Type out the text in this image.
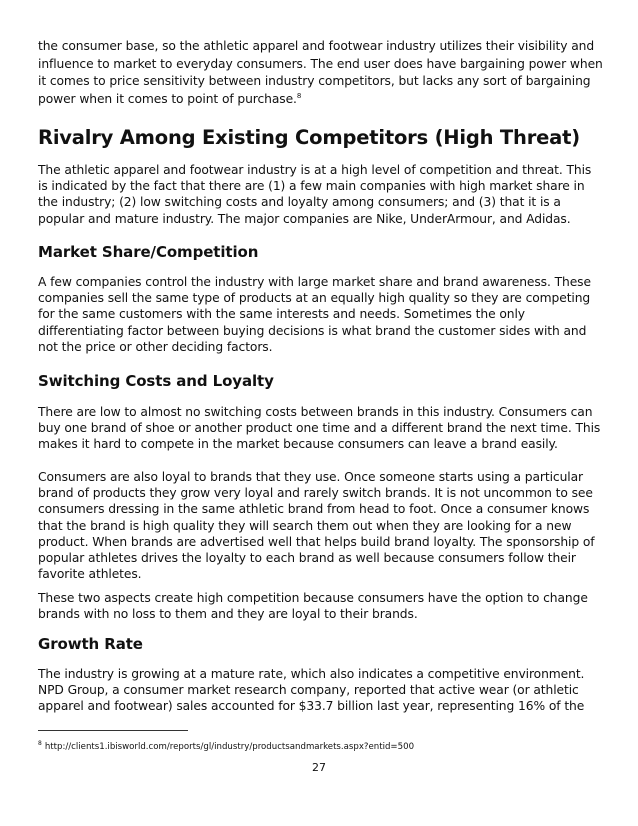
the consumer base, so the athletic apparel and footwear industry utilizes their visibility and influence to market to everyday consumers. The end user does have bargaining power when it comes to price sensitivity between industry competitors, but lacks any sort of bargaining power when it comes to point of purchase.$^8$

Rivalry Among Existing Competitors (High Threat)

The athletic apparel and footwear industry is at a high level of competition and threat. This is indicated by the fact that there are (1) a few main companies with high market share in the industry; (2) low switching costs and loyalty among consumers; and (3) that it is a popular and mature industry. The major companies are Nike, UnderArmour, and Adidas.

Market Share/Competition

A few companies control the industry with large market share and brand awareness. These companies sell the same type of products at an equally high quality so they are competing for the same customers with the same interests and needs. Sometimes the only differentiating factor between buying decisions is what brand the customer sides with and not the price or other deciding factors.

Switching Costs and Loyalty

There are low to almost no switching costs between brands in this industry. Consumers can buy one brand of shoe or another product one time and a different brand the next time. This makes it hard to compete in the market because consumers can leave a brand easily.

Consumers are also loyal to brands that they use. Once someone starts using a particular brand of products they grow very loyal and rarely switch brands. It is not uncommon to see consumers dressing in the same athletic brand from head to foot. Once a consumer knows that the brand is high quality they will search them out when they are looking for a new product. When brands are advertised well that helps build brand loyalty. The sponsorship of popular athletes drives the loyalty to each brand as well because consumers follow their favorite athletes.

These two aspects create high competition because consumers have the option to change brands with no loss to them and they are loyal to their brands.

Growth Rate

The industry is growing at a mature rate, which also indicates a competitive environment. NPD Group, a consumer market research company, reported that active wear (or athletic apparel and footwear) sales accounted for $33.7 billion last year, representing 16% of the

$^8$ http://clients1.ibisworld.com/reports/gl/industry/productsandmarkets.aspx?entid=500
27
